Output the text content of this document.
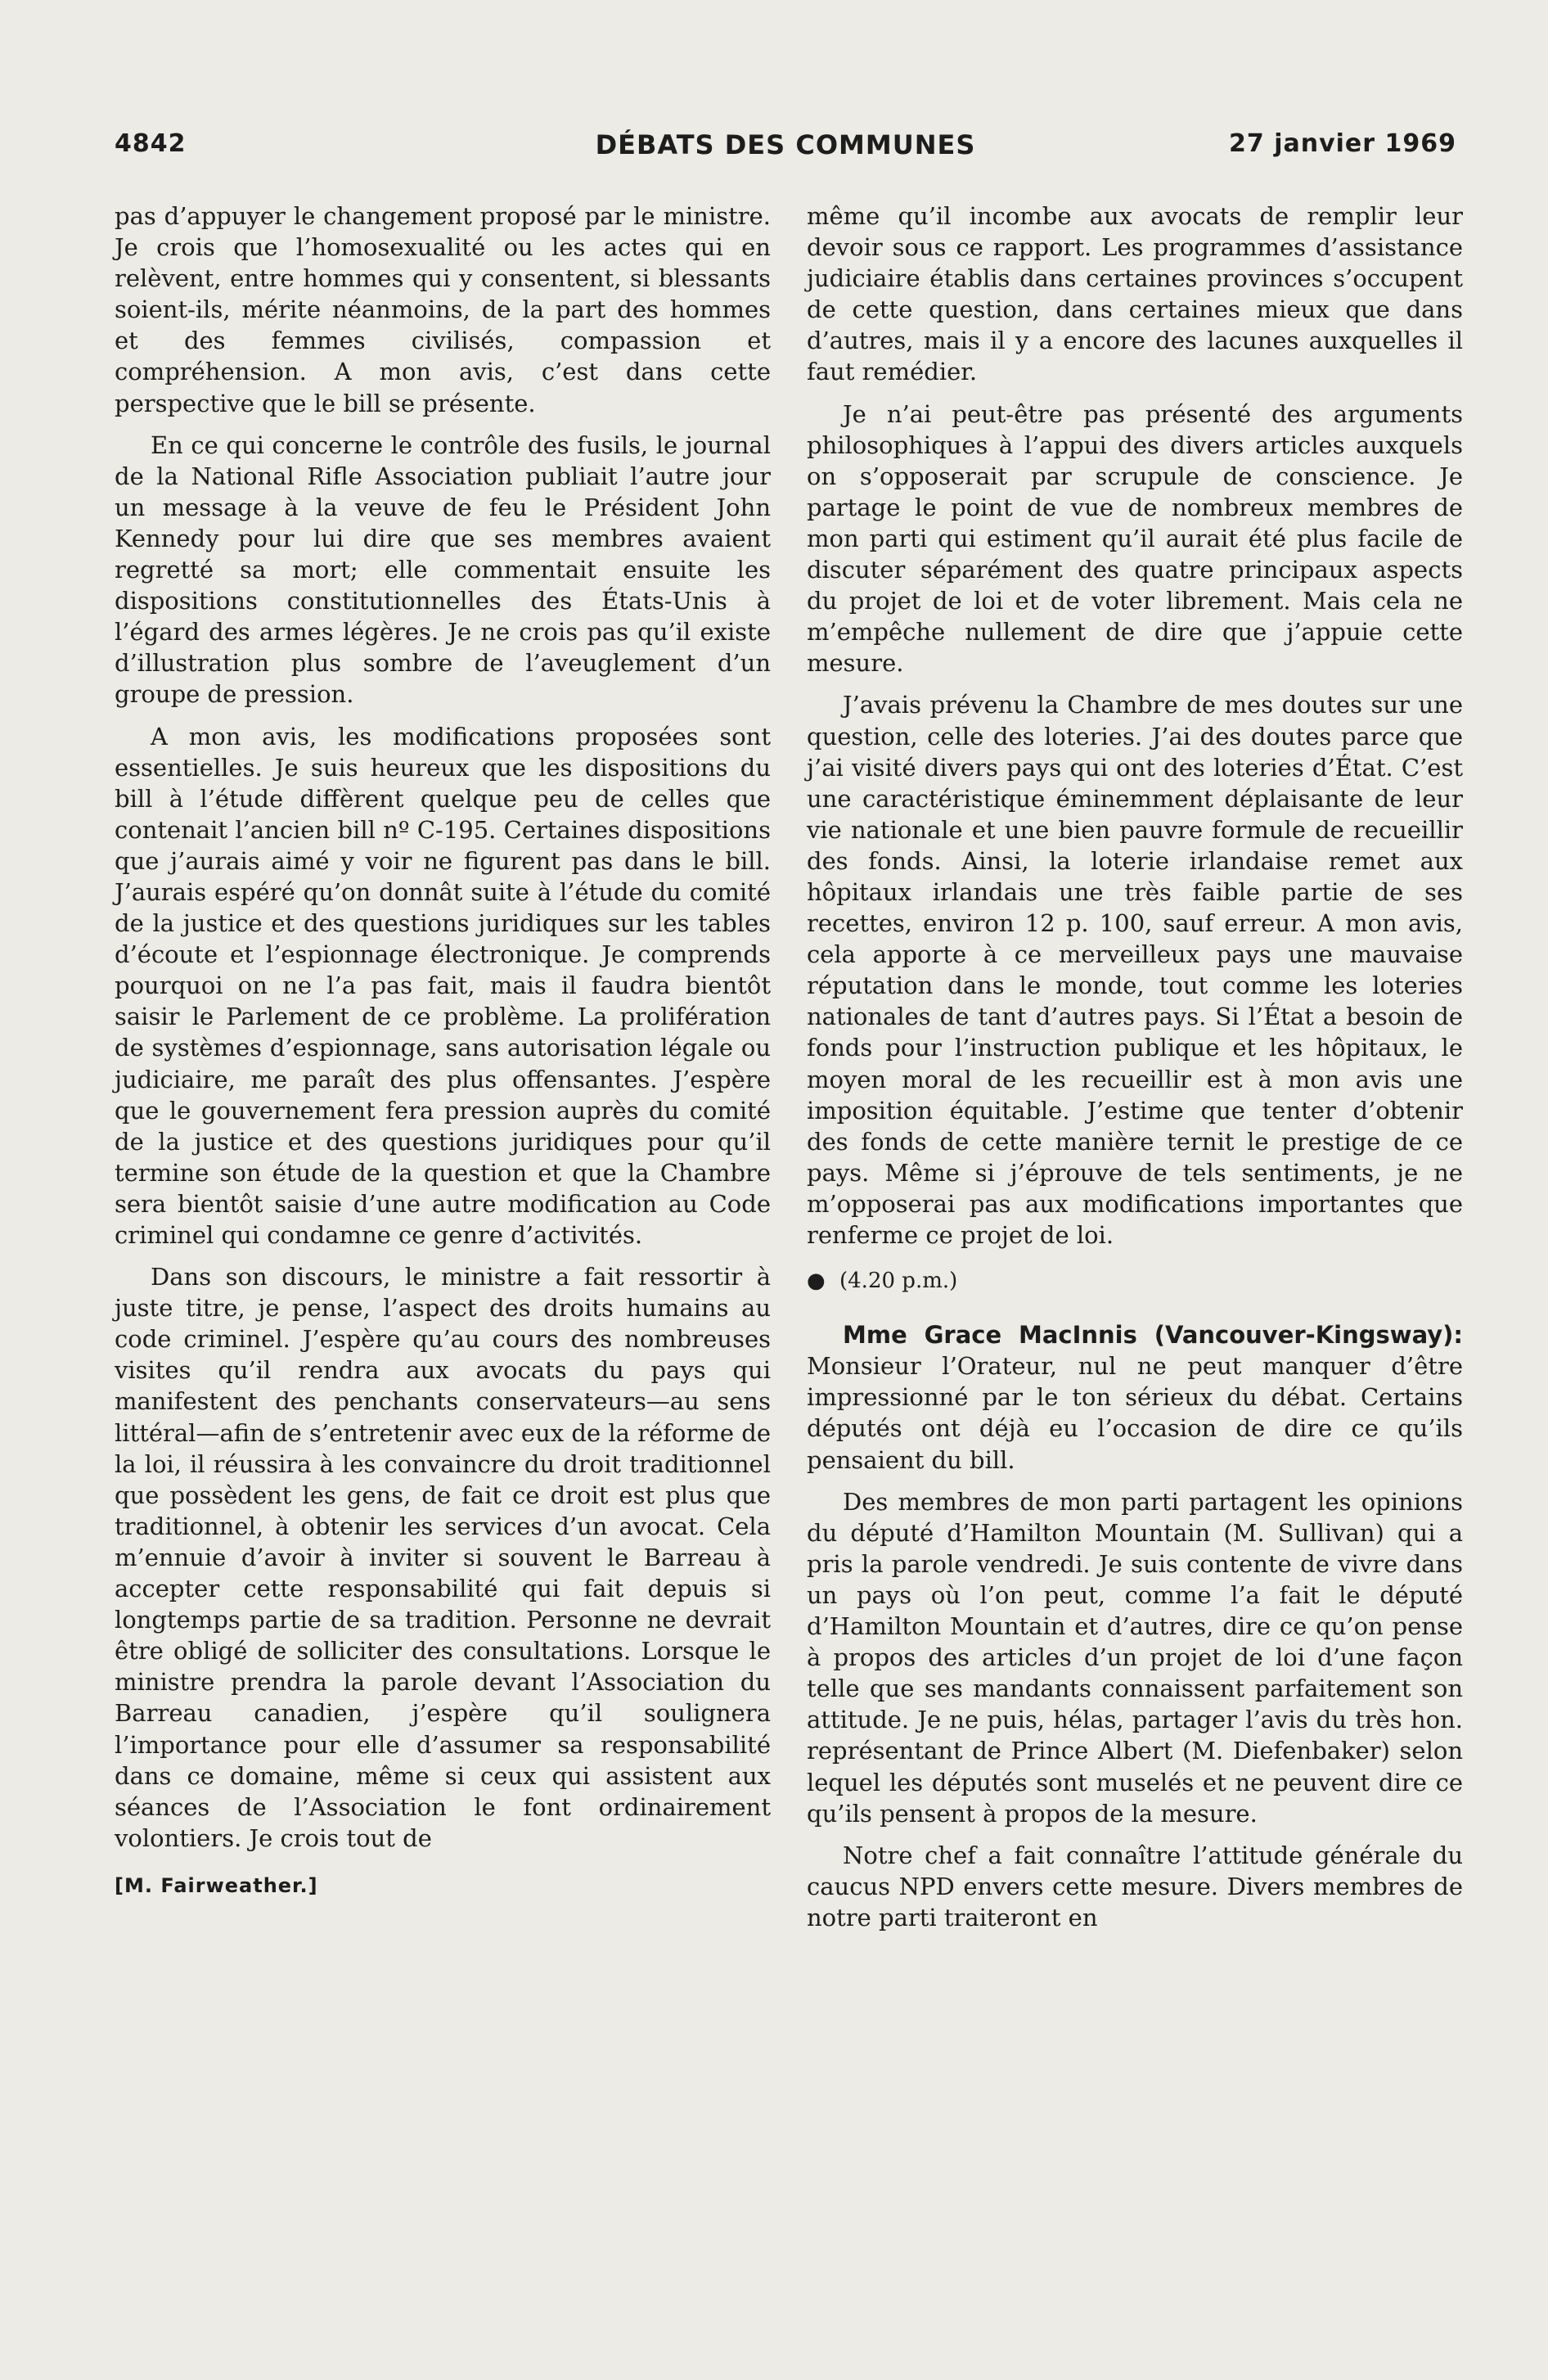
4842	DÉBATS DES COMMUNES	27 janvier 1969

pas d’appuyer le changement proposé par le ministre. Je crois que l’homosexualité ou les actes qui en relèvent, entre hommes qui y consentent, si blessants soient-ils, mérite néanmoins, de la part des hommes et des femmes civilisés, compassion et compréhension. A mon avis, c’est dans cette perspective que le bill se présente.

En ce qui concerne le contrôle des fusils, le journal de la National Rifle Association publiait l’autre jour un message à la veuve de feu le Président John Kennedy pour lui dire que ses membres avaient regretté sa mort; elle commentait ensuite les dispositions constitutionnelles des États-Unis à l’égard des armes légères. Je ne crois pas qu’il existe d’illustration plus sombre de l’aveuglement d’un groupe de pression.

A mon avis, les modifications proposées sont essentielles. Je suis heureux que les dispositions du bill à l’étude diffèrent quelque peu de celles que contenait l’ancien bill nº C-195. Certaines dispositions que j’aurais aimé y voir ne figurent pas dans le bill. J’aurais espéré qu’on donnât suite à l’étude du comité de la justice et des questions juridiques sur les tables d’écoute et l’espionnage électronique. Je comprends pourquoi on ne l’a pas fait, mais il faudra bientôt saisir le Parlement de ce problème. La prolifération de systèmes d’espionnage, sans autorisation légale ou judiciaire, me paraît des plus offensantes. J’espère que le gouvernement fera pression auprès du comité de la justice et des questions juridiques pour qu’il termine son étude de la question et que la Chambre sera bientôt saisie d’une autre modification au Code criminel qui condamne ce genre d’activités.

Dans son discours, le ministre a fait ressortir à juste titre, je pense, l’aspect des droits humains au code criminel. J’espère qu’au cours des nombreuses visites qu’il rendra aux avocats du pays qui manifestent des penchants conservateurs—au sens littéral—afin de s’entretenir avec eux de la réforme de la loi, il réussira à les convaincre du droit traditionnel que possèdent les gens, de fait ce droit est plus que traditionnel, à obtenir les services d’un avocat. Cela m’ennuie d’avoir à inviter si souvent le Barreau à accepter cette responsabilité qui fait depuis si longtemps partie de sa tradition. Personne ne devrait être obligé de solliciter des consultations. Lorsque le ministre prendra la parole devant l’Association du Barreau canadien, j’espère qu’il soulignera l’importance pour elle d’assumer sa responsabilité dans ce domaine, même si ceux qui assistent aux séances de l’Association le font ordinairement volontiers. Je crois tout de

[M. Fairweather.]

même qu’il incombe aux avocats de remplir leur devoir sous ce rapport. Les programmes d’assistance judiciaire établis dans certaines provinces s’occupent de cette question, dans certaines mieux que dans d’autres, mais il y a encore des lacunes auxquelles il faut remédier.

Je n’ai peut-être pas présenté des arguments philosophiques à l’appui des divers articles auxquels on s’opposerait par scrupule de conscience. Je partage le point de vue de nombreux membres de mon parti qui estiment qu’il aurait été plus facile de discuter séparément des quatre principaux aspects du projet de loi et de voter librement. Mais cela ne m’empêche nullement de dire que j’appuie cette mesure.

J’avais prévenu la Chambre de mes doutes sur une question, celle des loteries. J’ai des doutes parce que j’ai visité divers pays qui ont des loteries d’État. C’est une caractéristique éminemment déplaisante de leur vie nationale et une bien pauvre formule de recueillir des fonds. Ainsi, la loterie irlandaise remet aux hôpitaux irlandais une très faible partie de ses recettes, environ 12 p. 100, sauf erreur. A mon avis, cela apporte à ce merveilleux pays une mauvaise réputation dans le monde, tout comme les loteries nationales de tant d’autres pays. Si l’État a besoin de fonds pour l’instruction publique et les hôpitaux, le moyen moral de les recueillir est à mon avis une imposition équitable. J’estime que tenter d’obtenir des fonds de cette manière ternit le prestige de ce pays. Même si j’éprouve de tels sentiments, je ne m’opposerai pas aux modifications importantes que renferme ce projet de loi.

● (4.20 p.m.)

Mme Grace MacInnis (Vancouver-Kingsway): Monsieur l’Orateur, nul ne peut manquer d’être impressionné par le ton sérieux du débat. Certains députés ont déjà eu l’occasion de dire ce qu’ils pensaient du bill.

Des membres de mon parti partagent les opinions du député d’Hamilton Mountain (M. Sullivan) qui a pris la parole vendredi. Je suis contente de vivre dans un pays où l’on peut, comme l’a fait le député d’Hamilton Mountain et d’autres, dire ce qu’on pense à propos des articles d’un projet de loi d’une façon telle que ses mandants connaissent parfaitement son attitude. Je ne puis, hélas, partager l’avis du très hon. représentant de Prince Albert (M. Diefenbaker) selon lequel les députés sont muselés et ne peuvent dire ce qu’ils pensent à propos de la mesure.

Notre chef a fait connaître l’attitude générale du caucus NPD envers cette mesure. Divers membres de notre parti traiteront en
